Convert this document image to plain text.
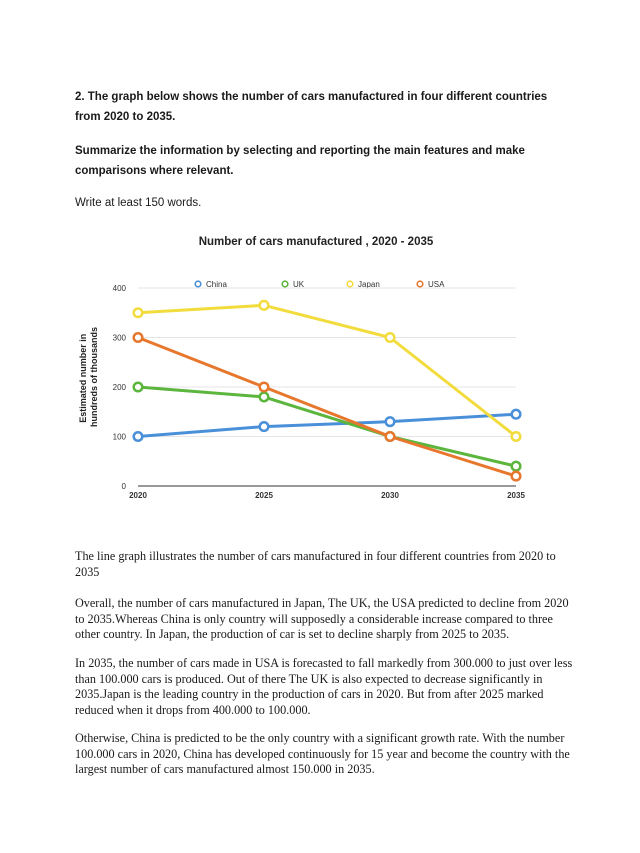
2. The graph below shows the number of cars manufactured in four different countries from 2020 to 2035.
Summarize the information by selecting and reporting the main features and make comparisons where relevant.
Write at least 150 words.
Number of cars manufactured , 2020 - 2035
China	UK	Japan	USA
0
100
200
300
400
2020	2025	2030	2035
Estimated number in hundreds of thousands

The line graph illustrates the number of cars manufactured in four different countries from 2020 to 2035

Overall, the number of cars manufactured in Japan, The UK, the USA predicted to decline from 2020 to 2035.Whereas China is only country will supposedly a considerable increase compared to three other country. In Japan, the production of car is set to decline sharply from 2025 to 2035.

In 2035, the number of cars made in USA is forecasted to fall markedly from 300.000 to just over less than 100.000 cars is produced. Out of there The UK is also expected to decrease significantly in 2035.Japan is the leading country in the production of cars in 2020. But from after 2025 marked reduced when it drops from 400.000 to 100.000.

Otherwise, China is predicted to be the only country with a significant growth rate. With the number 100.000 cars in 2020, China has developed continuously for 15 year and become the country with the largest number of cars manufactured almost 150.000 in 2035.
